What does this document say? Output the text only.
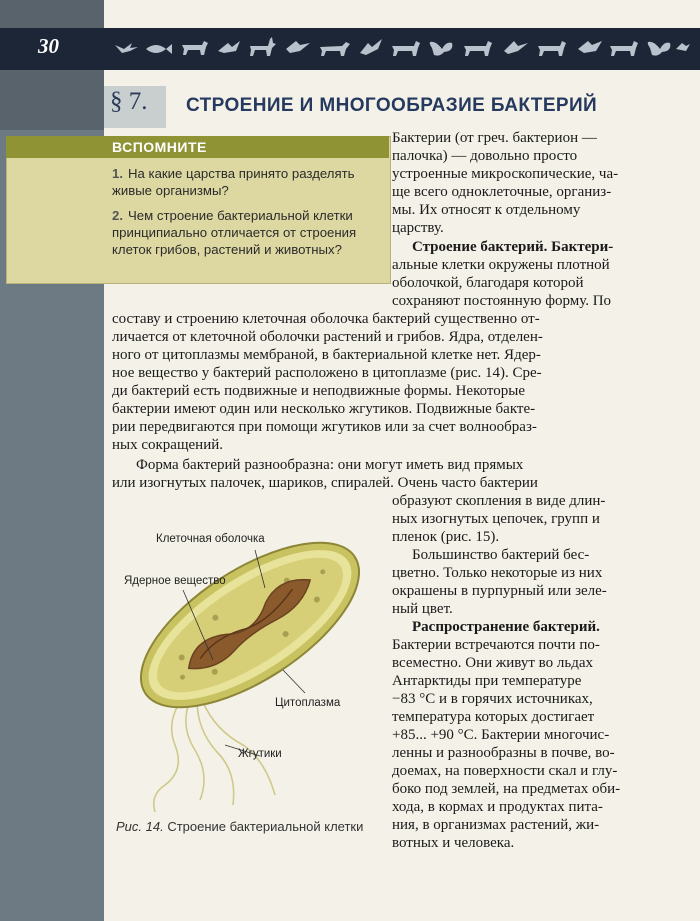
30
§ 7. СТРОЕНИЕ И МНОГООБРАЗИЕ БАКТЕРИЙ
ВСПОМНИТЕ
1. На какие царства принято разделять живые организмы?
2. Чем строение бактериальной клетки принципиально отличается от строения клеток грибов, растений и животных?
Бактерии (от греч. бактерион —
палочка) — довольно просто
устроенные микроскопические, ча-
ще всего одноклеточные, организ-
мы. Их относят к отдельному
царству.
Строение бактерий. Бактери-
альные клетки окружены плотной
оболочкой, благодаря которой
сохраняют постоянную форму. По
составу и строению клеточная оболочка бактерий существенно от-
личается от клеточной оболочки растений и грибов. Ядра, отделен-
ного от цитоплазмы мембраной, в бактериальной клетке нет. Ядер-
ное вещество у бактерий расположено в цитоплазме (рис. 14). Сре-
ди бактерий есть подвижные и неподвижные формы. Некоторые
бактерии имеют один или несколько жгутиков. Подвижные бакте-
рии передвигаются при помощи жгутиков или за счет волнообраз-
ных сокращений.
Форма бактерий разнообразна: они могут иметь вид прямых
или изогнутых палочек, шариков, спиралей. Очень часто бактерии
образуют скопления в виде длин-
ных изогнутых цепочек, групп и
пленок (рис. 15).
Большинство бактерий бес-
цветно. Только некоторые из них
окрашены в пурпурный или зеле-
ный цвет.
Распространение бактерий.
Бактерии встречаются почти по-
всеместно. Они живут во льдах
Антарктиды при температуре
−83 °С и в горячих источниках,
температура которых достигает
+85... +90 °С. Бактерии многочис-
ленны и разнообразны в почве, во-
доемах, на поверхности скал и глу-
боко под землей, на предметах оби-
хода, в кормах и продуктах пита-
ния, в организмах растений, жи-
вотных и человека.
Клеточная оболочка
Ядерное вещество
Цитоплазма
Жгутики
Рис. 14. Строение бактериальной клетки
